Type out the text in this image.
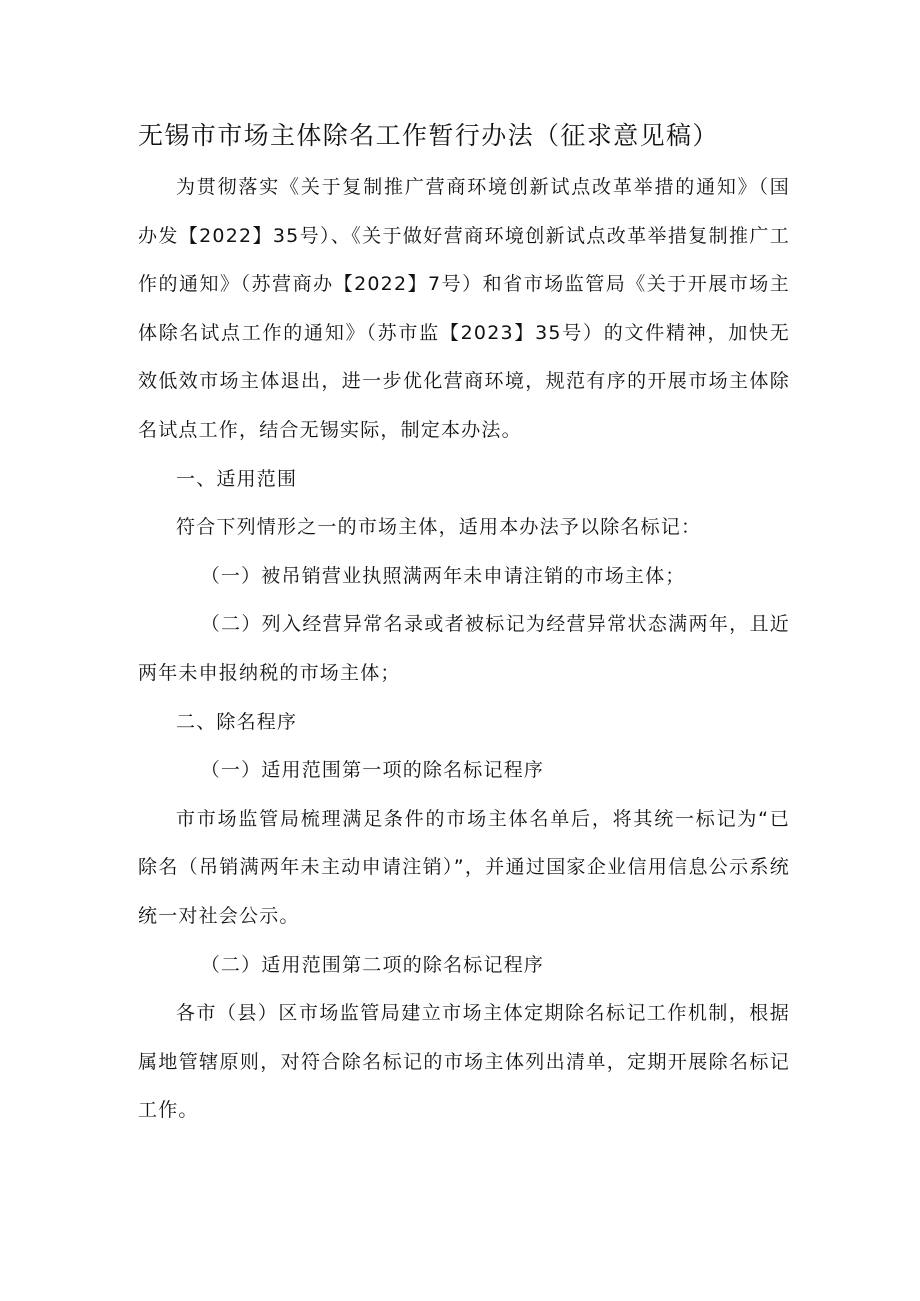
无锡市市场主体除名工作暂行办法（征求意见稿）

为贯彻落实《关于复制推广营商环境创新试点改革举措的通知》（国办发【2022】35号）、《关于做好营商环境创新试点改革举措复制推广工作的通知》（苏营商办【2022】7号）和省市场监管局《关于开展市场主体除名试点工作的通知》（苏市监【2023】35号）的文件精神，加快无效低效市场主体退出，进一步优化营商环境，规范有序的开展市场主体除名试点工作，结合无锡实际，制定本办法。

一、适用范围

符合下列情形之一的市场主体，适用本办法予以除名标记：

（一）被吊销营业执照满两年未申请注销的市场主体；

（二）列入经营异常名录或者被标记为经营异常状态满两年，且近两年未申报纳税的市场主体；

二、除名程序

（一）适用范围第一项的除名标记程序

市市场监管局梳理满足条件的市场主体名单后，将其统一标记为“已除名（吊销满两年未主动申请注销）”，并通过国家企业信用信息公示系统统一对社会公示。

（二）适用范围第二项的除名标记程序

各市（县）区市场监管局建立市场主体定期除名标记工作机制，根据属地管辖原则，对符合除名标记的市场主体列出清单，定期开展除名标记工作。
